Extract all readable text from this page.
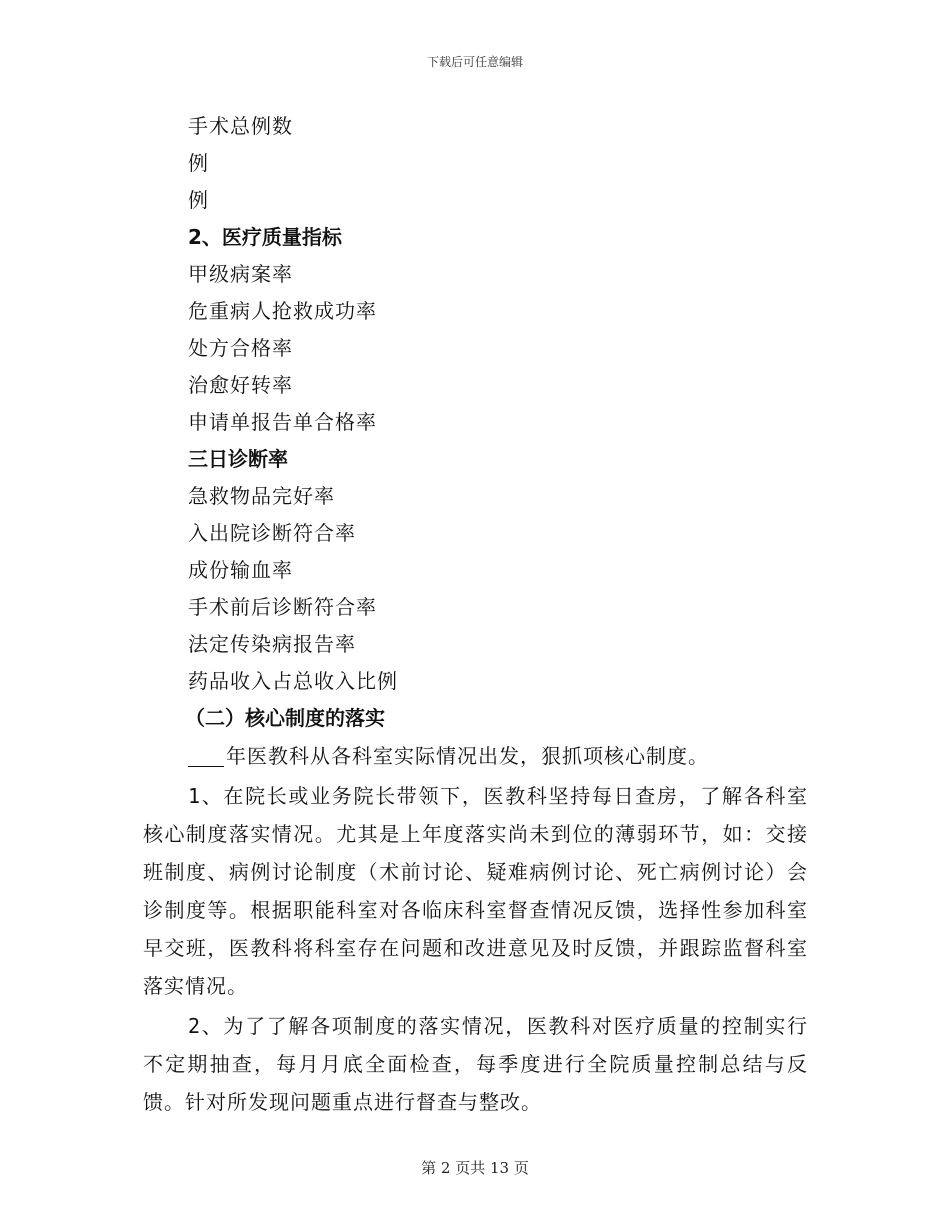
下载后可任意编辑
手术总例数
例
例
2、医疗质量指标
甲级病案率
危重病人抢救成功率
处方合格率
治愈好转率
申请单报告单合格率
三日诊断率
急救物品完好率
入出院诊断符合率
成份输血率
手术前后诊断符合率
法定传染病报告率
药品收入占总收入比例
（二）核心制度的落实
年医教科从各科室实际情况出发，狠抓项核心制度。
1、在院长或业务院长带领下，医教科坚持每日查房，了解各科室核心制度落实情况。尤其是上年度落实尚未到位的薄弱环节，如：交接班制度、病例讨论制度（术前讨论、疑难病例讨论、死亡病例讨论）会诊制度等。根据职能科室对各临床科室督查情况反馈，选择性参加科室早交班，医教科将科室存在问题和改进意见及时反馈，并跟踪监督科室落实情况。
2、为了了解各项制度的落实情况，医教科对医疗质量的控制实行不定期抽查，每月月底全面检查，每季度进行全院质量控制总结与反馈。针对所发现问题重点进行督查与整改。
第 2 页共 13 页
